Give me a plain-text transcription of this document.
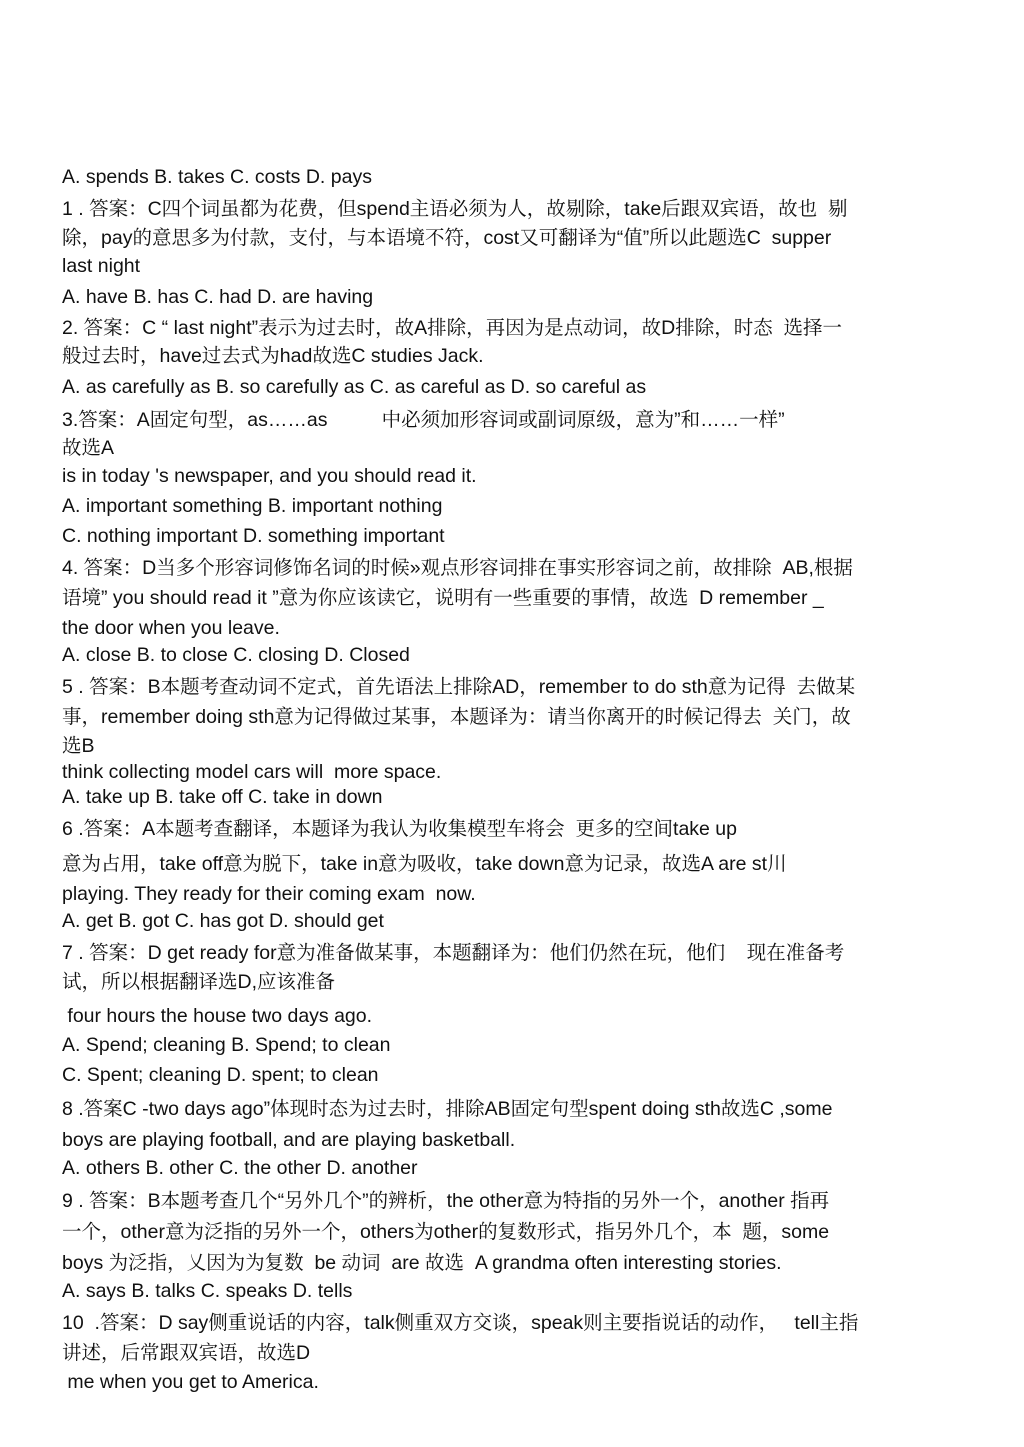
A. spends B. takes C. costs D. pays
1 . 答案：C四个词虽都为花费，但spend主语必须为人，故剔除，take后跟双宾语，故也  剔
除，pay的意思多为付款，支付，与本语境不符，cost又可翻译为“值”所以此题选C  supper
last night
A. have B. has C. had D. are having
2. 答案：C “ last night”表示为过去时，故A排除，再因为是点动词，故D排除，时态  选择一
般过去时，have过去式为had故选C studies Jack.
A. as carefully as B. so carefully as C. as careful as D. so careful as
3.答案：A固定句型，as……as          中必须加形容词或副词原级，意为”和……一样”
故选A
is in today 's newspaper, and you should read it.
A. important something B. important nothing
C. nothing important D. something important
4. 答案：D当多个形容词修饰名词的时候»观点形容词排在事实形容词之前，故排除  AB,根据
语境” you should read it ”意为你应该读它，说明有一些重要的事情，故选  D remember _
the door when you leave.
A. close B. to close C. closing D. Closed
5 . 答案：B本题考查动词不定式，首先语法上排除AD，remember to do sth意为记得  去做某
事，remember doing sth意为记得做过某事，本题译为：请当你离开的时候记得去  关门，故
选B
think collecting model cars will  more space.
A. take up B. take off C. take in down
6 .答案：A本题考查翻译，本题译为我认为收集模型车将会  更多的空间take up
意为占用，take off意为脱下，take in意为吸收，take down意为记录，故选A are st川
playing. They ready for their coming exam  now.
A. get B. got C. has got D. should get
7 . 答案：D get ready for意为准备做某事，本题翻译为：他们仍然在玩，他们    现在准备考
试，所以根据翻译选D,应该准备
four hours the house two days ago.
A. Spend; cleaning B. Spend; to clean
C. Spent; cleaning D. spent; to clean
8 .答案C -two days ago”体现时态为过去时，排除AB固定句型spent doing sth故选C ,some
boys are playing football, and are playing basketball.
A. others B. other C. the other D. another
9 . 答案：B本题考查几个“另外几个”的辨析，the other意为特指的另外一个，another 指再
一个，other意为泛指的另外一个，others为other的复数形式，指另外几个，本  题，some
boys 为泛指，乂因为为复数  be 动词  are 故选  A grandma often interesting stories.
A. says B. talks C. speaks D. tells
10  .答案：D say侧重说话的内容，talk侧重双方交谈，speak则主要指说话的动作，   tell主指
讲述，后常跟双宾语，故选D
me when you get to America.
